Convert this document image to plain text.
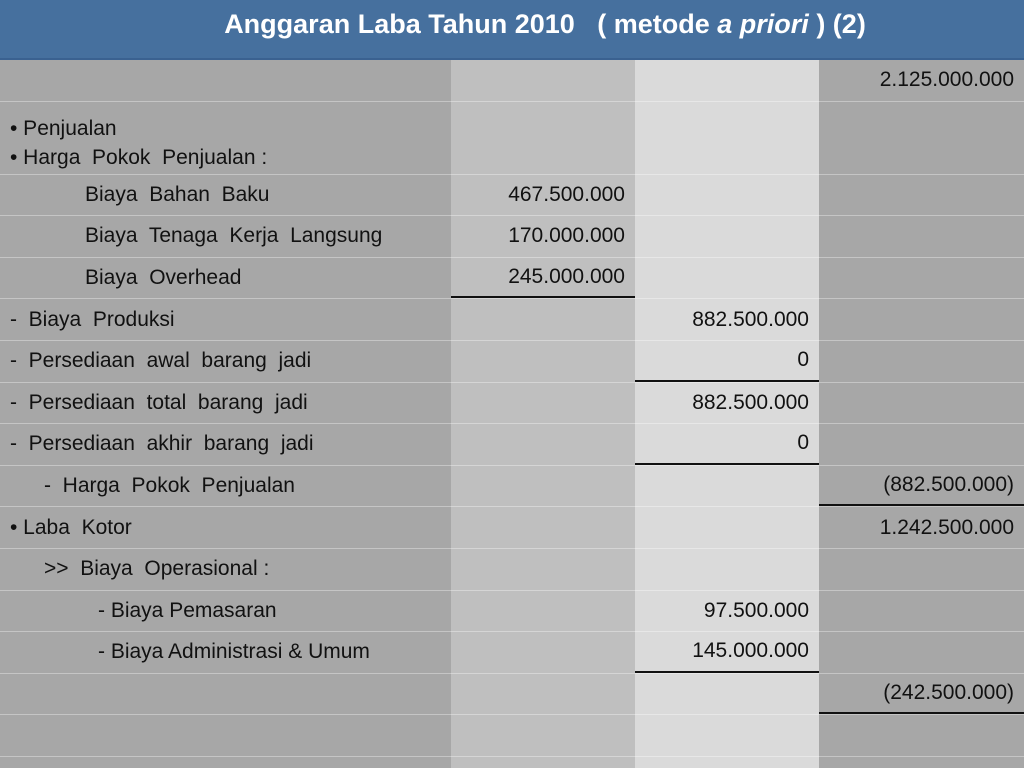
Anggaran Laba Tahun 2010   ( metode a priori ) (2)
2.125.000.000
• Penjualan
• Harga  Pokok  Penjualan :
Biaya  Bahan  Baku	467.500.000
Biaya  Tenaga  Kerja  Langsung	170.000.000
Biaya  Overhead	245.000.000
-  Biaya  Produksi	882.500.000
-  Persediaan  awal  barang  jadi	0
-  Persediaan  total  barang  jadi	882.500.000
-  Persediaan  akhir  barang  jadi	0
-  Harga  Pokok  Penjualan	(882.500.000)
• Laba  Kotor	1.242.500.000
>>  Biaya  Operasional :
- Biaya Pemasaran	97.500.000
- Biaya Administrasi & Umum	145.000.000
(242.500.000)
